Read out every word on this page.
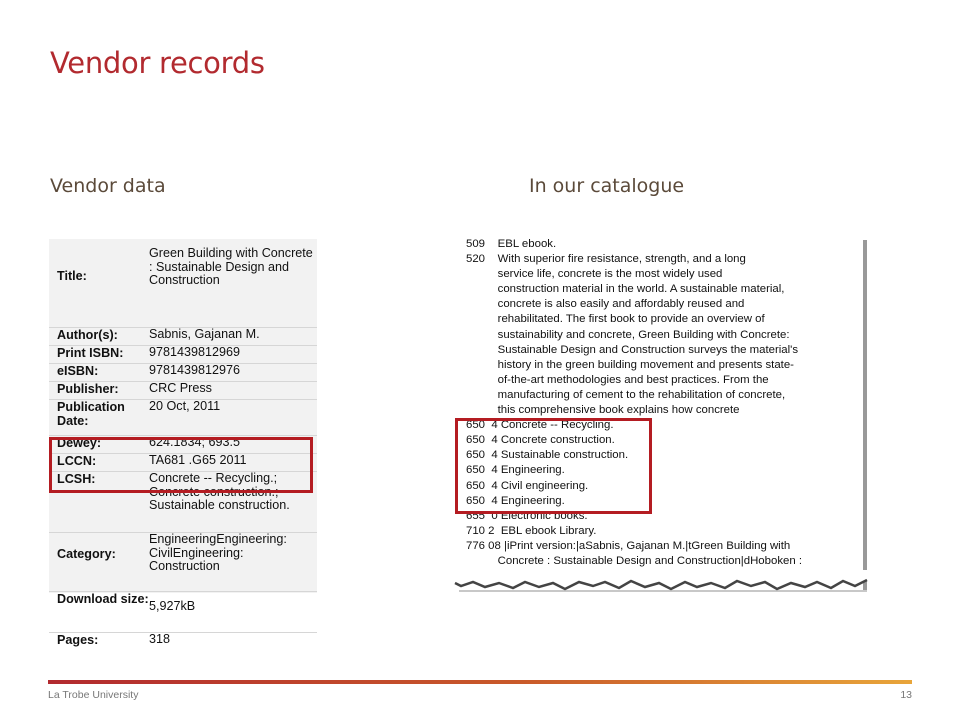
Vendor records
Vendor data	In our catalogue
Title:	Green Building with Concrete : Sustainable Design and Construction
Author(s):	Sabnis, Gajanan M.
Print ISBN:	9781439812969
eISBN:	9781439812976
Publisher:	CRC Press
Publication Date:	20 Oct, 2011
Dewey:	624.1834; 693.5
LCCN:	TA681 .G65 2011
LCSH:	Concrete -- Recycling.; Concrete construction.; Sustainable construction.
Category:	EngineeringEngineering: CivilEngineering: Construction
Download size:	5,927kB
Pages:	318
509    EBL ebook.
520    With superior fire resistance, strength, and a long
service life, concrete is the most widely used
construction material in the world. A sustainable material,
concrete is also easily and affordably reused and
rehabilitated. The first book to provide an overview of
sustainability and concrete, Green Building with Concrete:
Sustainable Design and Construction surveys the material's
history in the green building movement and presents state-
of-the-art methodologies and best practices. From the
manufacturing of cement to the rehabilitation of concrete,
this comprehensive book explains how concrete
650  4 Concrete -- Recycling.
650  4 Concrete construction.
650  4 Sustainable construction.
650  4 Engineering.
650  4 Civil engineering.
650  4 Engineering.
655  0 Electronic books.
710 2  EBL ebook Library.
776 08 |iPrint version:|aSabnis, Gajanan M.|tGreen Building with
Concrete : Sustainable Design and Construction|dHoboken :
La Trobe University	13
